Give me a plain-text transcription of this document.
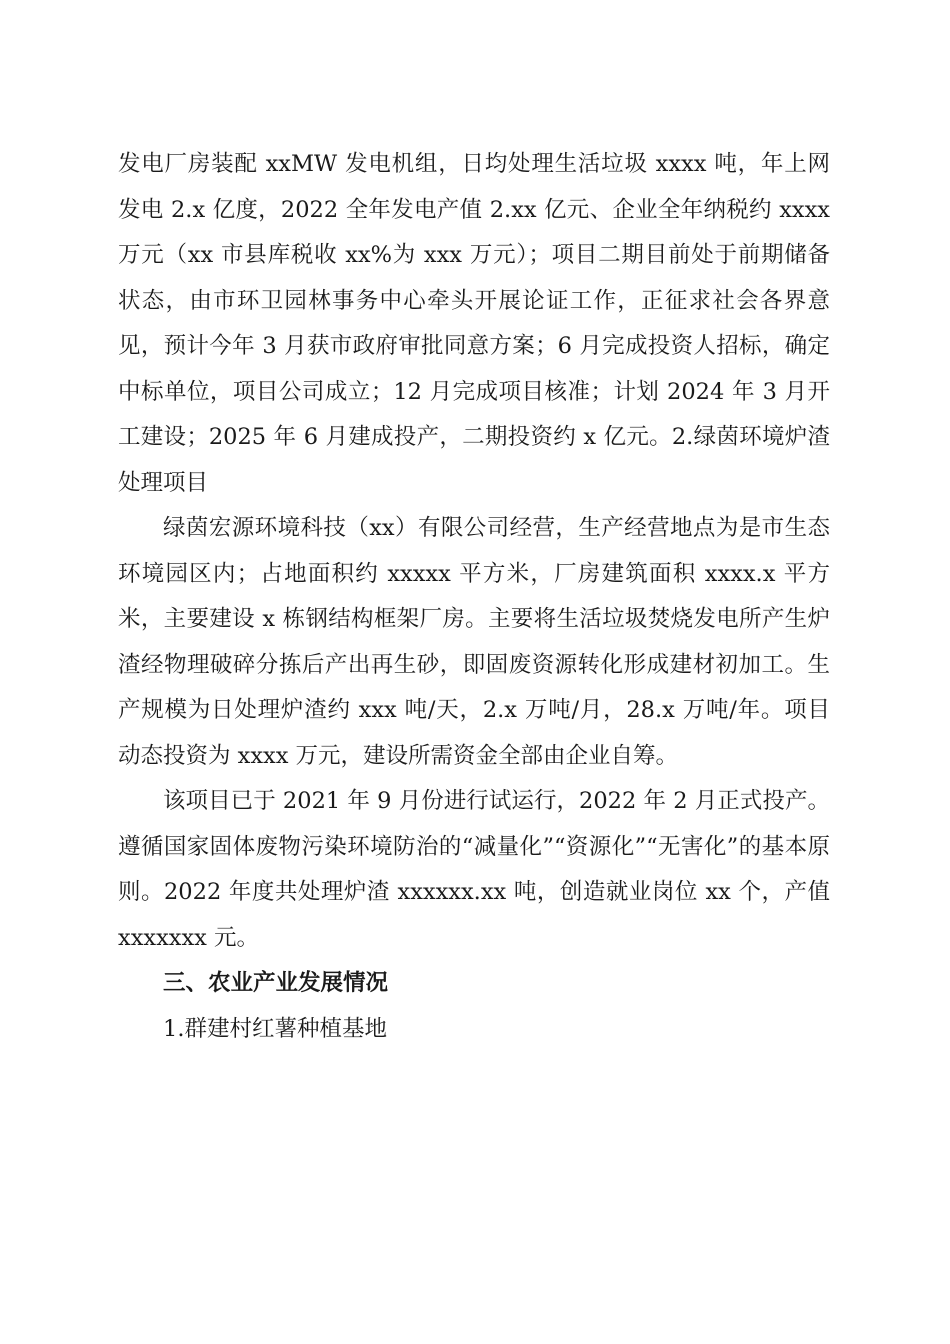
发电厂房装配 xxMW 发电机组，日均处理生活垃圾 xxxx 吨，年上网发电 2.x 亿度，2022 全年发电产值 2.xx 亿元、企业全年纳税约 xxxx 万元（xx 市县库税收 xx%为 xxx 万元）；项目二期目前处于前期储备状态，由市环卫园林事务中心牵头开展论证工作，正征求社会各界意见，预计今年 3 月获市政府审批同意方案；6 月完成投资人招标，确定中标单位，项目公司成立；12 月完成项目核准；计划 2024 年 3 月开工建设；2025 年 6 月建成投产，二期投资约 x 亿元。2.绿茵环境炉渣处理项目

绿茵宏源环境科技（xx）有限公司经营，生产经营地点为是市生态环境园区内；占地面积约 xxxxx 平方米，厂房建筑面积 xxxx.x 平方米，主要建设 x 栋钢结构框架厂房。主要将生活垃圾焚烧发电所产生炉渣经物理破碎分拣后产出再生砂，即固废资源转化形成建材初加工。生产规模为日处理炉渣约 xxx 吨/天，2.x 万吨/月，28.x 万吨/年。项目动态投资为 xxxx 万元，建设所需资金全部由企业自筹。

该项目已于 2021 年 9 月份进行试运行，2022 年 2 月正式投产。遵循国家固体废物污染环境防治的“减量化”“资源化”“无害化”的基本原则。2022 年度共处理炉渣 xxxxxx.xx 吨，创造就业岗位 xx 个，产值 xxxxxxx 元。

三、农业产业发展情况

1.群建村红薯种植基地
